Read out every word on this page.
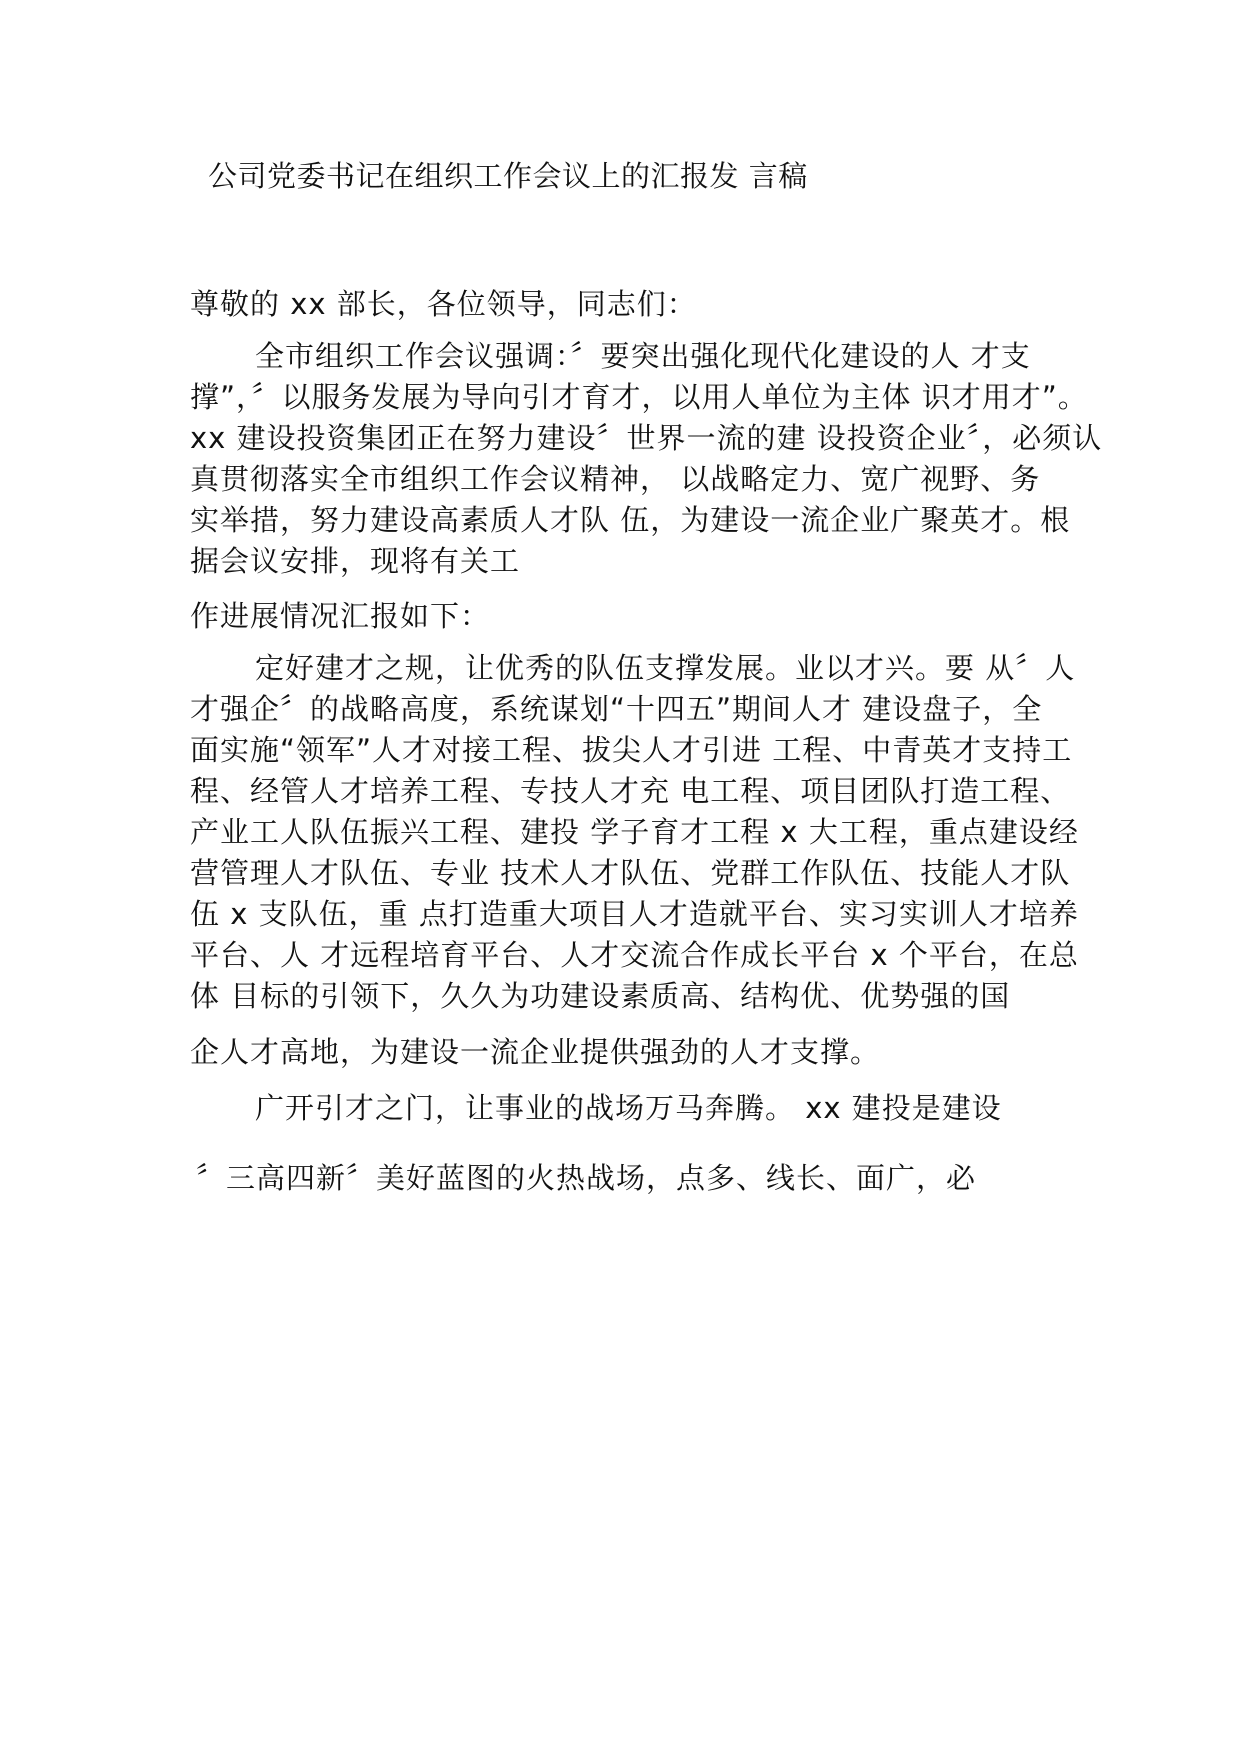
公司党委书记在组织工作会议上的汇报发 言稿
尊敬的 xx 部长，各位领导，同志们：
全市组织工作会议强调：〞要突出强化现代化建设的人 才支
撑”，〞以服务发展为导向引才育才，以用人单位为主体 识才用才”。
xx 建设投资集团正在努力建设〞世界一流的建 设投资企业〞，必须认
真贯彻落实全市组织工作会议精神， 以战略定力、宽广视野、务
实举措，努力建设高素质人才队 伍，为建设一流企业广聚英才。根
据会议安排，现将有关工
作进展情况汇报如下：
定好建才之规，让优秀的队伍支撑发展。业以才兴。要 从〞人
才强企〞的战略高度，系统谋划“十四五”期间人才 建设盘子，全
面实施“领军”人才对接工程、拔尖人才引进 工程、中青英才支持工
程、经管人才培养工程、专技人才充 电工程、项目团队打造工程、
产业工人队伍振兴工程、建投 学子育才工程 x 大工程，重点建设经
营管理人才队伍、专业 技术人才队伍、党群工作队伍、技能人才队
伍 x 支队伍，重 点打造重大项目人才造就平台、实习实训人才培养
平台、人 才远程培育平台、人才交流合作成长平台 x 个平台，在总
体 目标的引领下，久久为功建设素质高、结构优、优势强的国
企人才高地，为建设一流企业提供强劲的人才支撑。
广开引才之门，让事业的战场万马奔腾。 xx 建投是建设
〞三高四新〞美好蓝图的火热战场，点多、线长、面广，必
